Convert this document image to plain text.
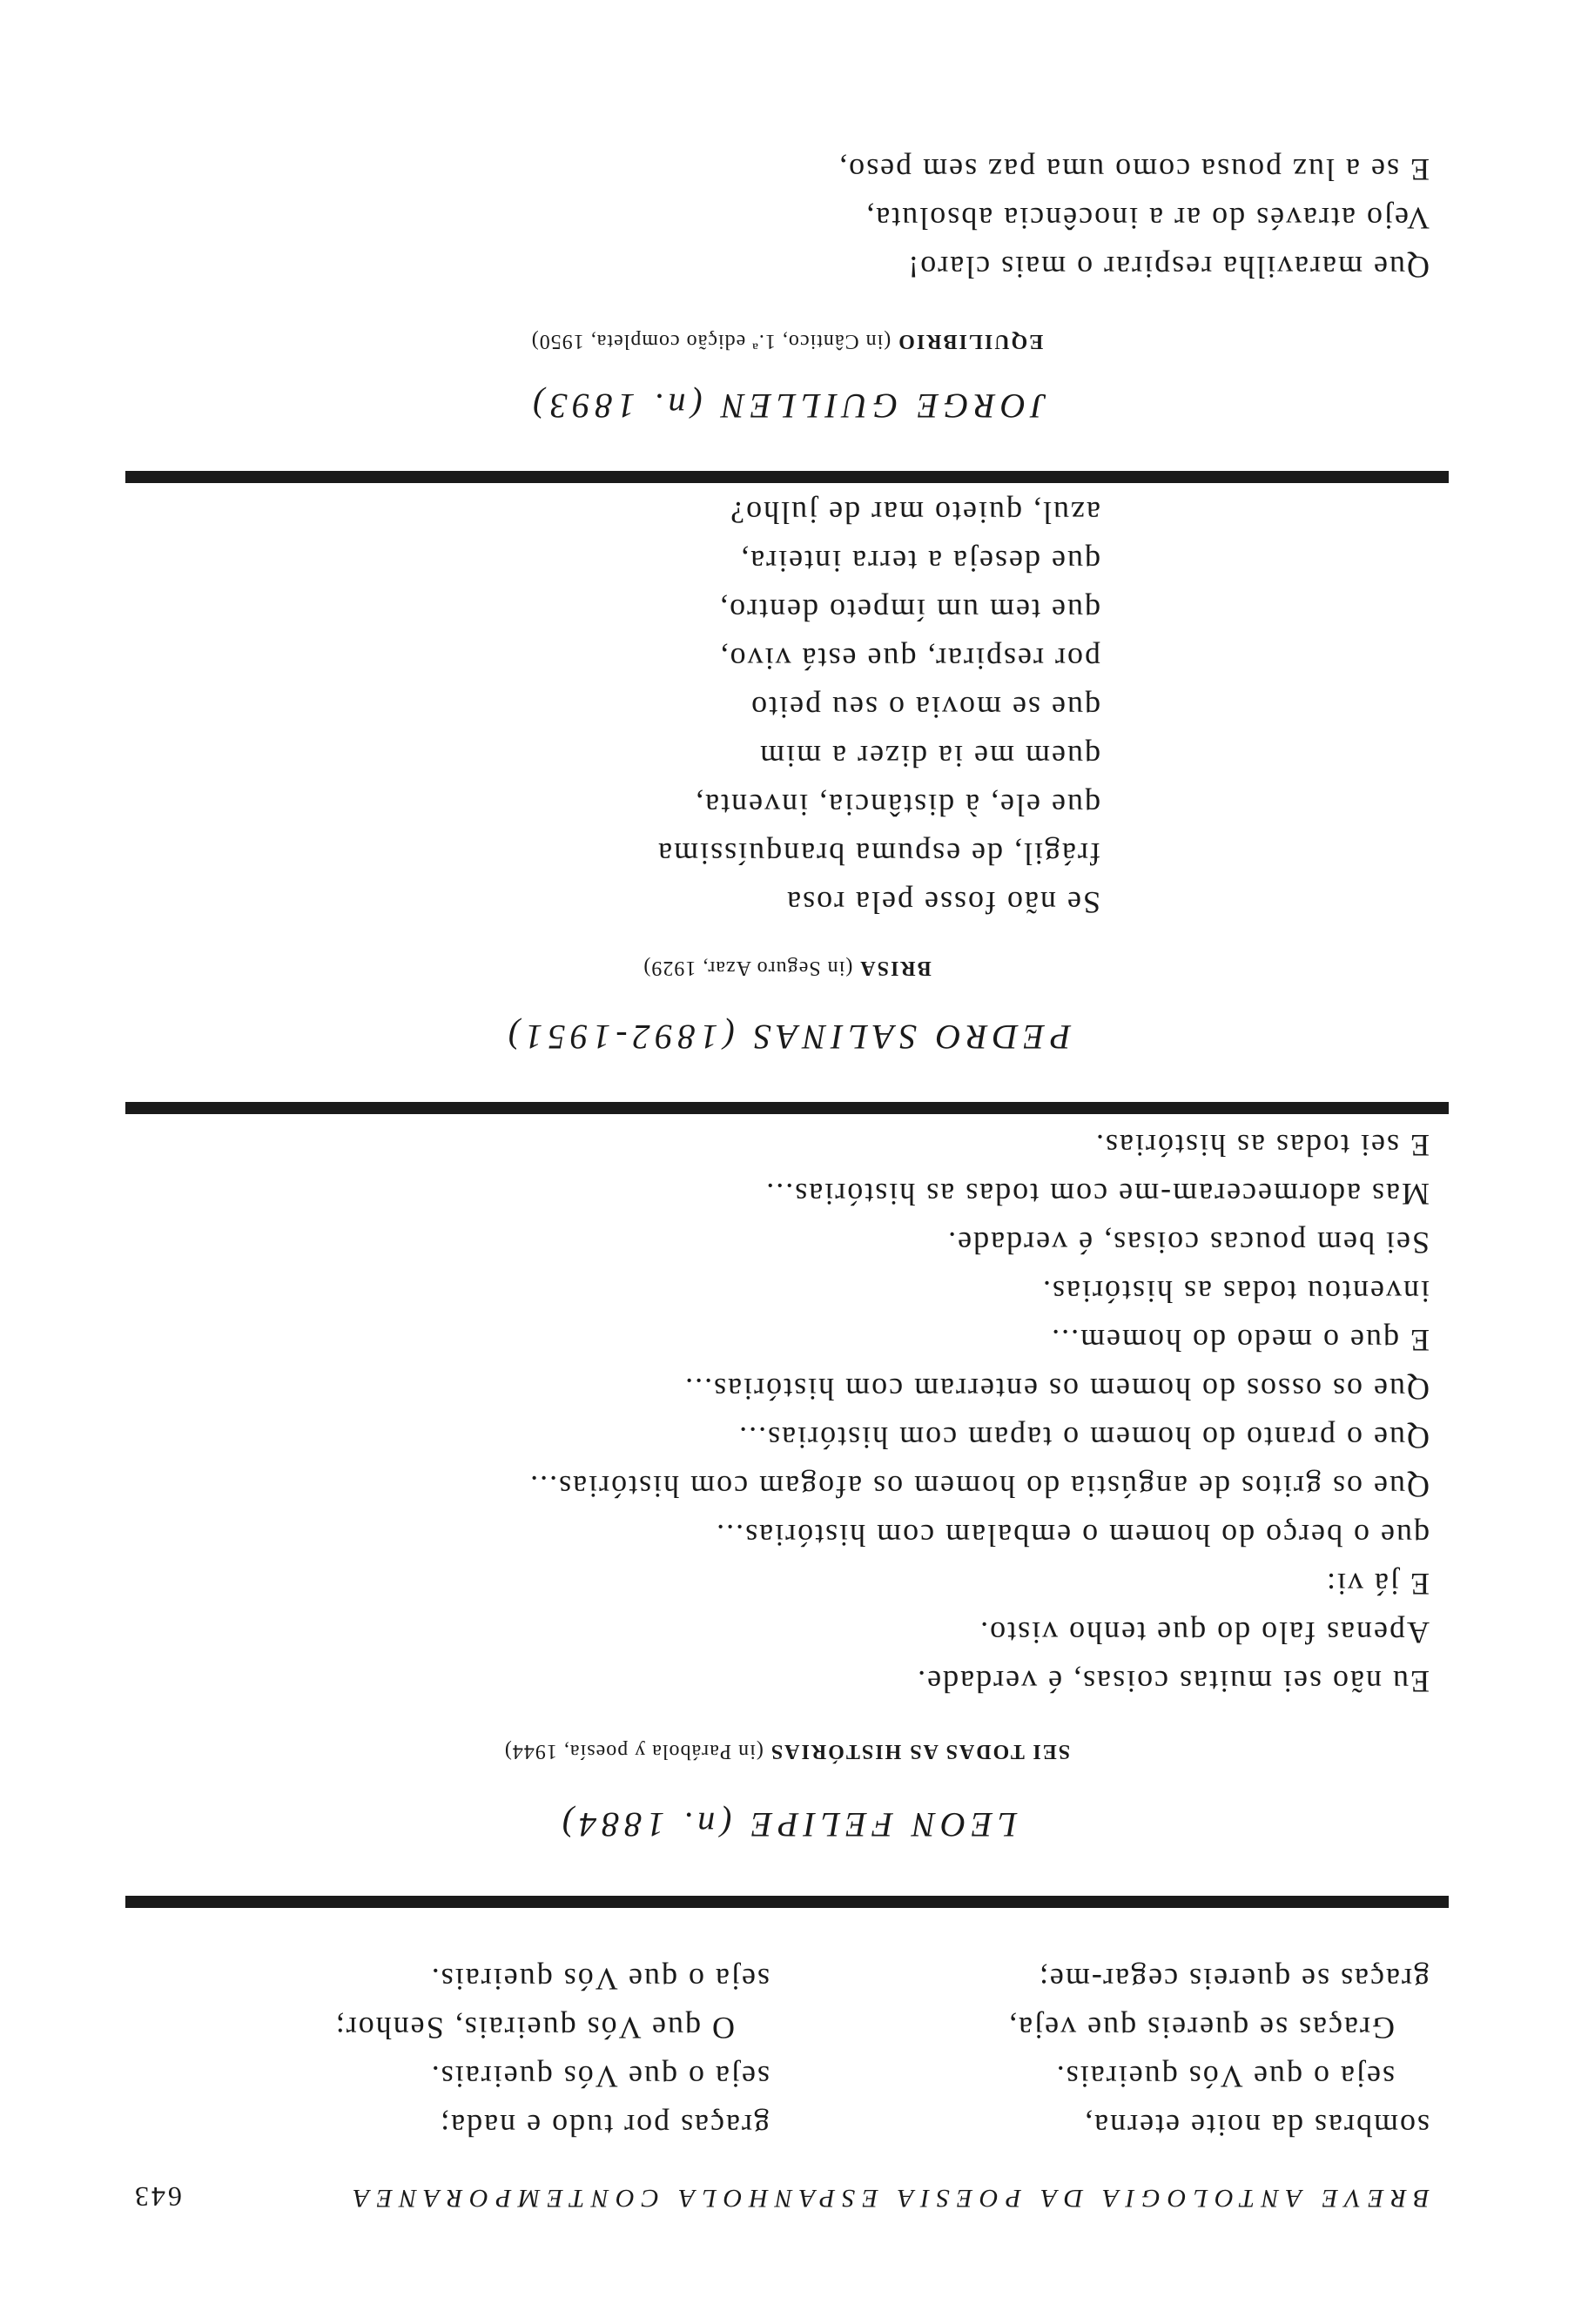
BREVE ANTOLOGIA DA POESIA ESPANHOLA CONTEMPORANEA
643
sombras da noite eterna,
seja o que Vós queirais.
Graças se quereis que veja,
graças se quereis cegar-me;
graças por tudo e nada;
seja o que Vós queirais.
O que Vós queirais, Senhor;
seja o que Vós queirais.
LEON FELIPE (n. 1884)
SEI TODAS AS HISTÓRIAS (in Parábola y poesía, 1944)
Eu não sei muitas coisas, é verdade.
Apenas falo do que tenho visto.
E já vi:
que o berço do homem o embalam com histórias...
Que os gritos de angústia do homem os afogam com histórias...
Que o pranto do homem o tapam com histórias...
Que os ossos do homem os enterram com histórias...
E que o medo do homem...
inventou todas as histórias.
Sei bem poucas coisas, é verdade.
Mas adormeceram-me com todas as histórias...
E sei todas as histórias.
PEDRO SALINAS (1892-1951)
BRISA (in Seguro Azar, 1929)
Se não fosse pela rosa
frágil, de espuma branquíssima
que ele, à distância, inventa,
quem me ia dizer a mim
que se movia o seu peito
por respirar, que está vivo,
que tem um ímpeto dentro,
que deseja a terra inteira,
azul, quieto mar de julho?
JORGE GUILLEN (n. 1893)
EQUILIBRIO (in Cântico, 1.ª edição completa, 1950)
Que maravilha respirar o mais claro!
Vejo através do ar a inocência absoluta,
E se a luz pousa como uma paz sem peso,
